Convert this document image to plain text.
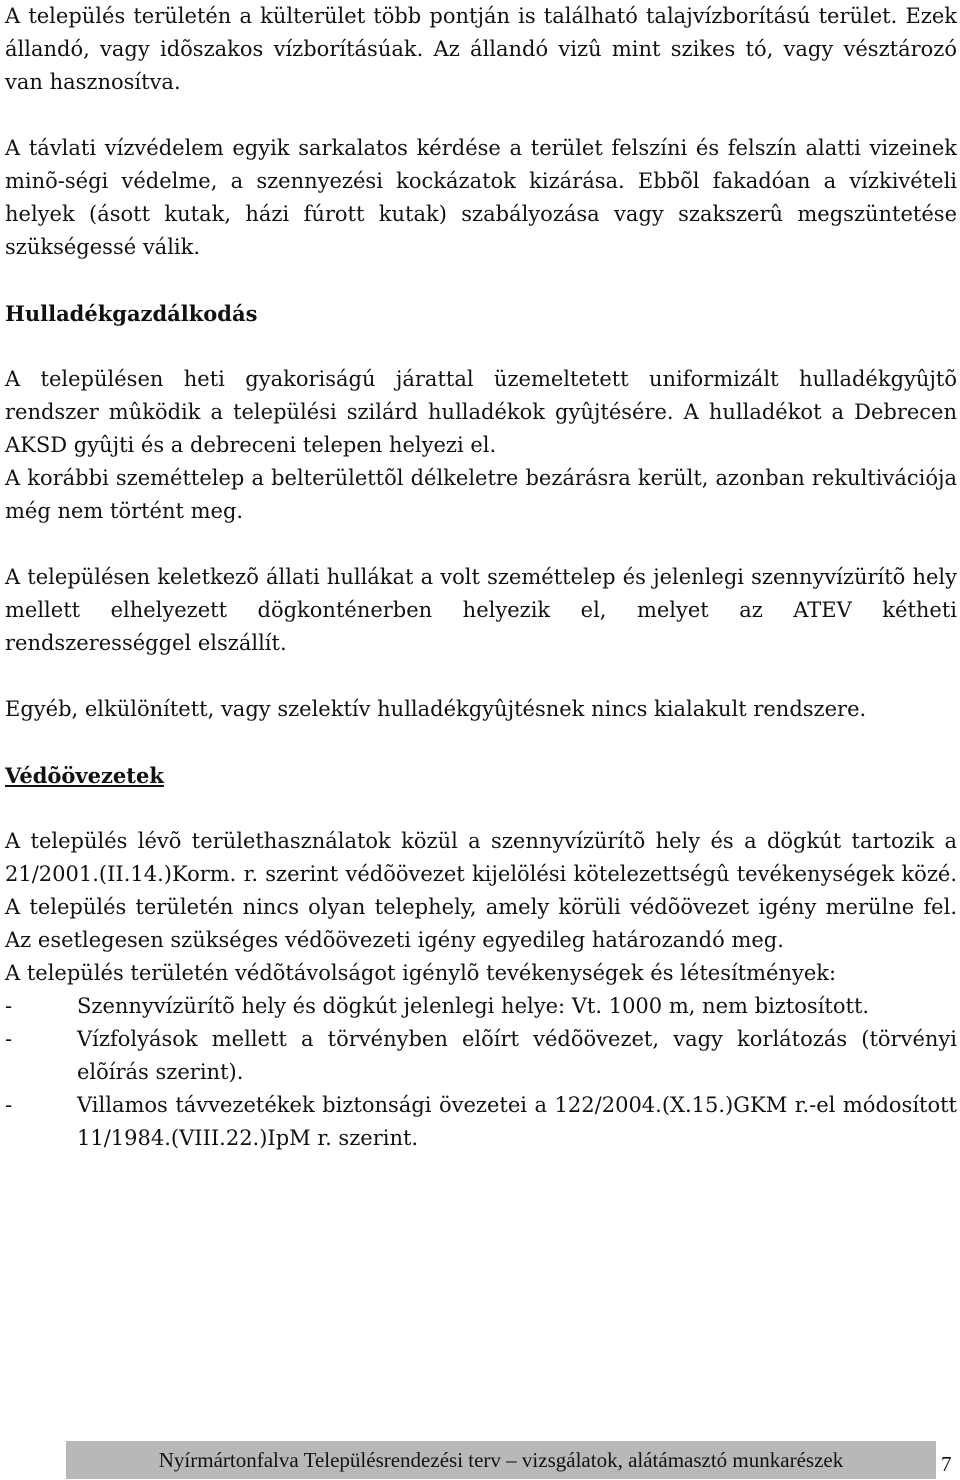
A település területén a külterület több pontján is található talajvízborítású terület. Ezek állandó, vagy idõszakos vízborításúak. Az állandó vizû mint szikes tó, vagy vésztározó van hasznosítva.

A távlati vízvédelem egyik sarkalatos kérdése a terület felszíni és felszín alatti vizeinek minõ-ségi védelme, a szennyezési kockázatok kizárása. Ebbõl fakadóan a vízkivételi helyek (ásott kutak, házi fúrott kutak) szabályozása vagy szakszerû megszüntetése szükségessé válik.

Hulladékgazdálkodás

A településen heti gyakoriságú járattal üzemeltetett uniformizált hulladékgyûjtõ rendszer mûködik a települési szilárd hulladékok gyûjtésére. A hulladékot a Debrecen AKSD gyûjti és a debreceni telepen helyezi el.

A korábbi szeméttelep a belterülettõl délkeletre bezárásra került, azonban rekultivációja még nem történt meg.

A településen keletkezõ állati hullákat a volt szeméttelep és jelenlegi szennyvízürítõ hely mellett elhelyezett dögkonténerben helyezik el, melyet az ATEV kétheti rendszerességgel elszállít.

Egyéb, elkülönített, vagy szelektív hulladékgyûjtésnek nincs kialakult rendszere.

Védõövezetek

A település lévõ területhasználatok közül a szennyvízürítõ hely és a dögkút tartozik a 21/2001.(II.14.)Korm. r. szerint védõövezet kijelölési kötelezettségû tevékenységek közé. A település területén nincs olyan telephely, amely körüli védõövezet igény merülne fel. Az esetlegesen szükséges védõövezeti igény egyedileg határozandó meg.

A település területén védõtávolságot igénylõ tevékenységek és létesítmények:

-	Szennyvízürítõ hely és dögkút jelenlegi helye: Vt. 1000 m, nem biztosított.
-	Vízfolyások mellett a törvényben elõírt védõövezet, vagy korlátozás (törvényi elõírás szerint).
-	Villamos távvezetékek biztonsági övezetei a 122/2004.(X.15.)GKM r.-el módosított 11/1984.(VIII.22.)IpM r. szerint.
Nyírmártonfalva Településrendezési terv – vizsgálatok, alátámasztó munkarészek	7
